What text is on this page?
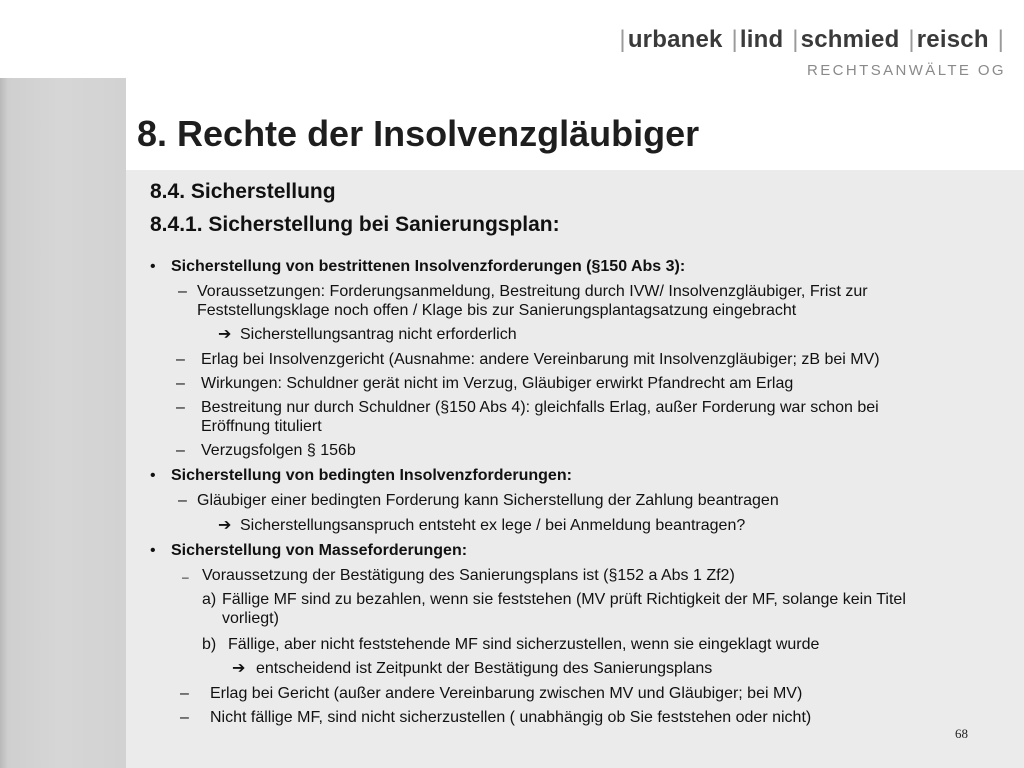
|urbanek |lind |schmied |reisch |
RECHTSANWÄLTE OG
8. Rechte der Insolvenzgläubiger
8.4. Sicherstellung
8.4.1. Sicherstellung bei Sanierungsplan:
• Sicherstellung von bestrittenen Insolvenzforderungen (§150 Abs 3):
– Voraussetzungen: Forderungsanmeldung, Bestreitung durch IVW/ Insolvenzgläubiger, Frist zur
Feststellungsklage noch offen / Klage bis zur Sanierungsplantagsatzung eingebracht
➔ Sicherstellungsantrag nicht erforderlich
– Erlag bei Insolvenzgericht (Ausnahme: andere Vereinbarung mit Insolvenzgläubiger; zB bei MV)
– Wirkungen: Schuldner gerät nicht im Verzug, Gläubiger erwirkt Pfandrecht am Erlag
– Bestreitung nur durch Schuldner (§150 Abs 4): gleichfalls Erlag, außer Forderung war schon bei
Eröffnung tituliert
– Verzugsfolgen § 156b
• Sicherstellung von bedingten Insolvenzforderungen:
– Gläubiger einer bedingten Forderung kann Sicherstellung der Zahlung beantragen
➔ Sicherstellungsanspruch entsteht ex lege / bei Anmeldung beantragen?
• Sicherstellung von Masseforderungen:
– Voraussetzung der Bestätigung des Sanierungsplans ist (§152 a Abs 1 Zf2)
a) Fällige MF sind zu bezahlen, wenn sie feststehen (MV prüft Richtigkeit der MF, solange kein Titel
vorliegt)
b) Fällige, aber nicht feststehende MF sind sicherzustellen, wenn sie eingeklagt wurde
➔ entscheidend ist Zeitpunkt der Bestätigung des Sanierungsplans
– Erlag bei Gericht (außer andere Vereinbarung zwischen MV und Gläubiger; bei MV)
– Nicht fällige MF, sind nicht sicherzustellen ( unabhängig ob Sie feststehen oder nicht)
68
